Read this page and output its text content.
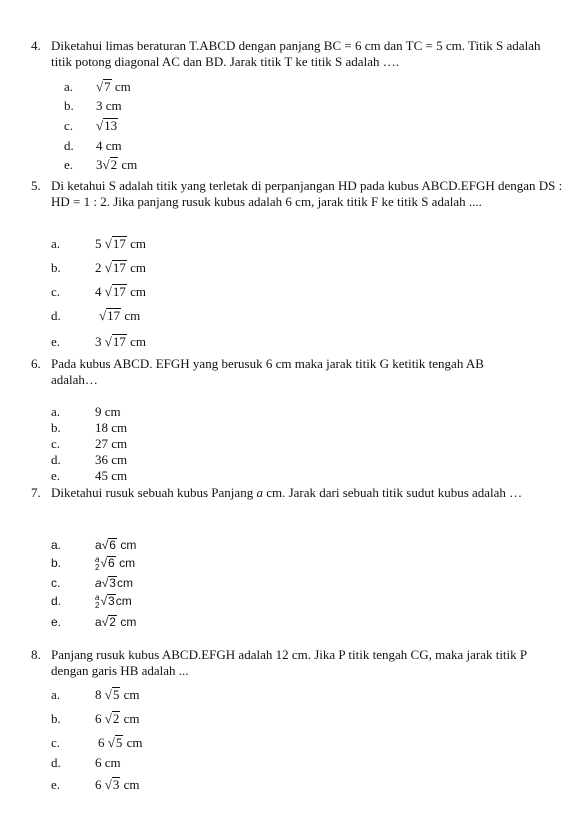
4. Diketahui limas beraturan T.ABCD dengan panjang BC = 6 cm dan TC = 5 cm. Titik S adalah titik potong diagonal AC dan BD. Jarak titik T ke titik S adalah ….
a. √7 cm
b. 3 cm
c. √13
d. 4 cm
e. 3√2 cm
5. Di ketahui S adalah titik yang terletak di perpanjangan HD pada kubus ABCD.EFGH dengan DS : HD = 1 : 2. Jika panjang rusuk kubus adalah 6 cm, jarak titik F ke titik S adalah ....
a.	5 √17 cm
b.	2 √17 cm
c.	4 √17 cm
d.	√17 cm
e.	3 √17 cm
6. Pada kubus ABCD. EFGH yang berusuk 6 cm maka jarak titik G ketitik tengah AB adalah…
a.	9 cm
b.	18 cm
c.	27 cm
d.	36 cm
e.	45 cm
7. Diketahui rusuk sebuah kubus Panjang a cm. Jarak dari sebuah titik sudut kubus adalah …
a.	a√6 cm
b.	a
2 √6 cm
c.	a√3cm
d.	a
2 √3cm
e.	a√2 cm
8. Panjang rusuk kubus ABCD.EFGH adalah 12 cm. Jika P titik tengah CG, maka jarak titik P dengan garis HB adalah ...
a.	8 √5 cm
b.	6 √2 cm
c.	6 √5 cm
d.	6 cm
e.	6 √3 cm
